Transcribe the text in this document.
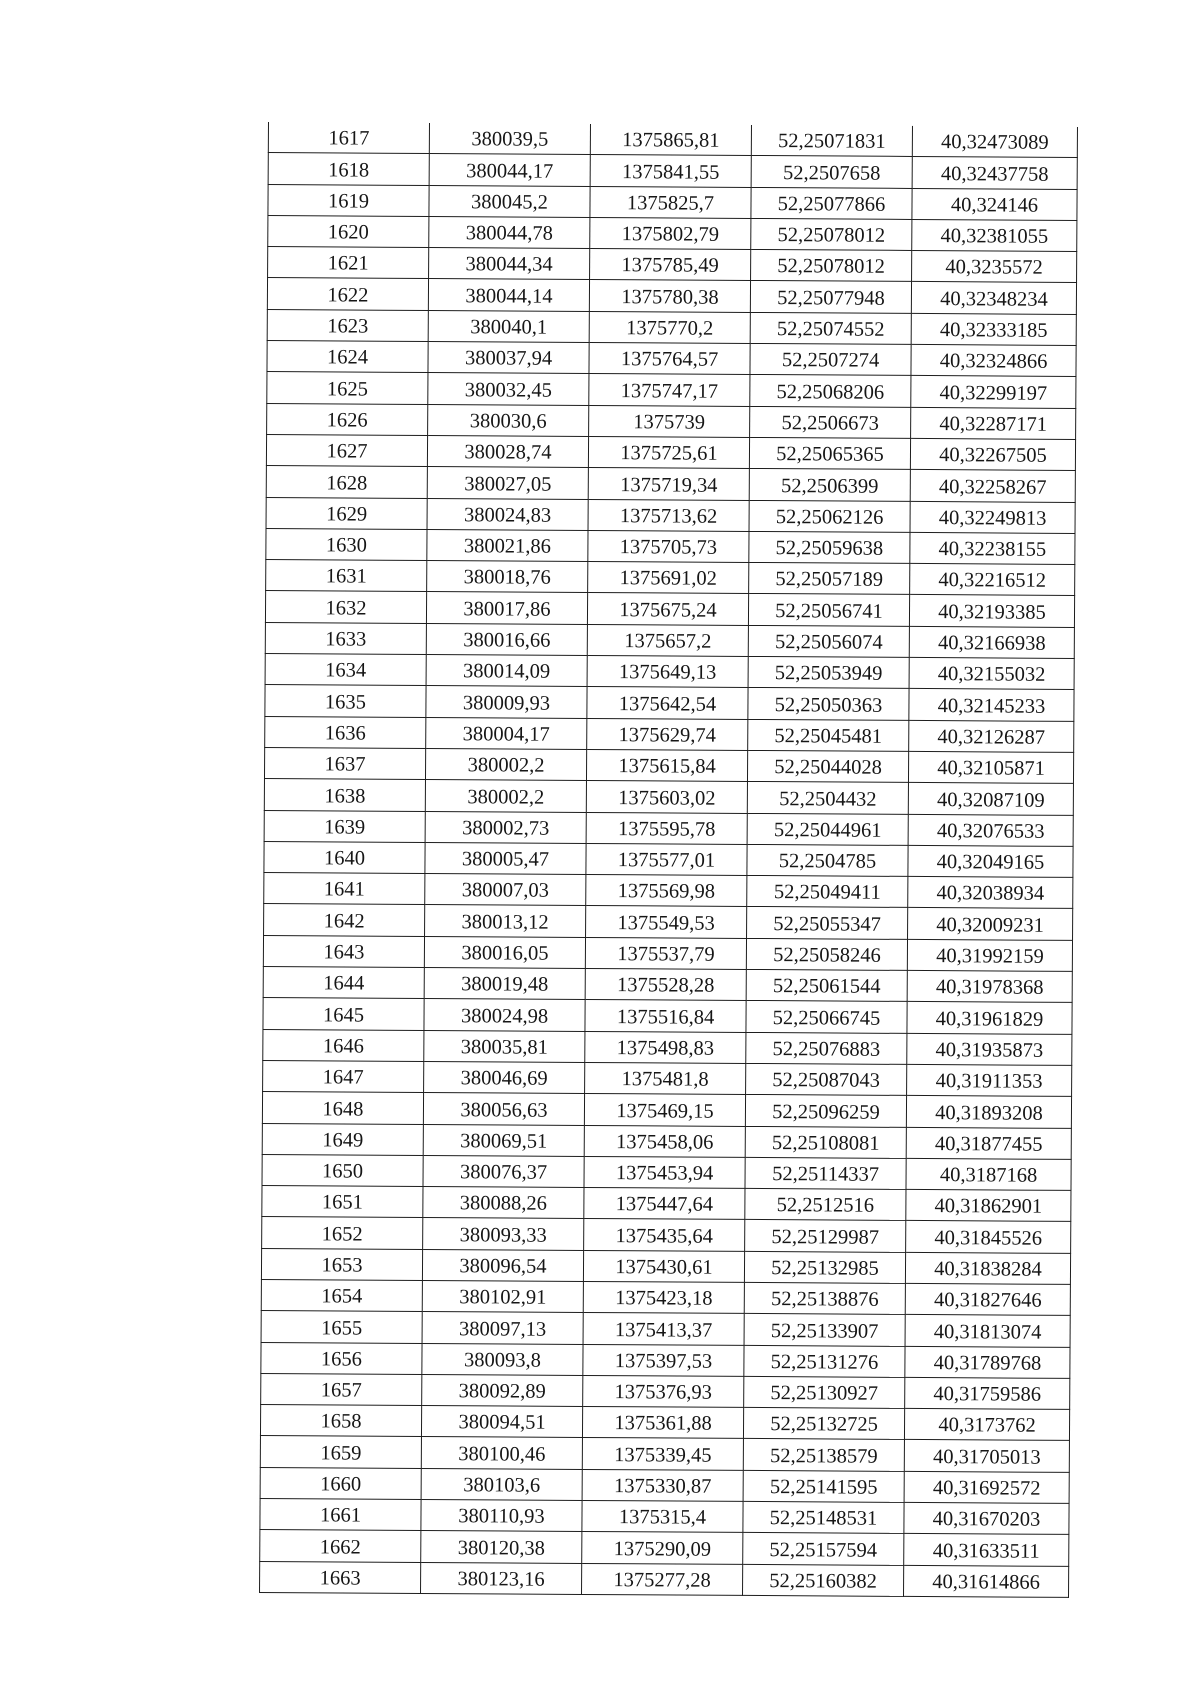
1617	380039,5	1375865,81	52,25071831	40,32473089
1618	380044,17	1375841,55	52,2507658	40,32437758
1619	380045,2	1375825,7	52,25077866	40,324146
1620	380044,78	1375802,79	52,25078012	40,32381055
1621	380044,34	1375785,49	52,25078012	40,3235572
1622	380044,14	1375780,38	52,25077948	40,32348234
1623	380040,1	1375770,2	52,25074552	40,32333185
1624	380037,94	1375764,57	52,2507274	40,32324866
1625	380032,45	1375747,17	52,25068206	40,32299197
1626	380030,6	1375739	52,2506673	40,32287171
1627	380028,74	1375725,61	52,25065365	40,32267505
1628	380027,05	1375719,34	52,2506399	40,32258267
1629	380024,83	1375713,62	52,25062126	40,32249813
1630	380021,86	1375705,73	52,25059638	40,32238155
1631	380018,76	1375691,02	52,25057189	40,32216512
1632	380017,86	1375675,24	52,25056741	40,32193385
1633	380016,66	1375657,2	52,25056074	40,32166938
1634	380014,09	1375649,13	52,25053949	40,32155032
1635	380009,93	1375642,54	52,25050363	40,32145233
1636	380004,17	1375629,74	52,25045481	40,32126287
1637	380002,2	1375615,84	52,25044028	40,32105871
1638	380002,2	1375603,02	52,2504432	40,32087109
1639	380002,73	1375595,78	52,25044961	40,32076533
1640	380005,47	1375577,01	52,2504785	40,32049165
1641	380007,03	1375569,98	52,25049411	40,32038934
1642	380013,12	1375549,53	52,25055347	40,32009231
1643	380016,05	1375537,79	52,25058246	40,31992159
1644	380019,48	1375528,28	52,25061544	40,31978368
1645	380024,98	1375516,84	52,25066745	40,31961829
1646	380035,81	1375498,83	52,25076883	40,31935873
1647	380046,69	1375481,8	52,25087043	40,31911353
1648	380056,63	1375469,15	52,25096259	40,31893208
1649	380069,51	1375458,06	52,25108081	40,31877455
1650	380076,37	1375453,94	52,25114337	40,3187168
1651	380088,26	1375447,64	52,2512516	40,31862901
1652	380093,33	1375435,64	52,25129987	40,31845526
1653	380096,54	1375430,61	52,25132985	40,31838284
1654	380102,91	1375423,18	52,25138876	40,31827646
1655	380097,13	1375413,37	52,25133907	40,31813074
1656	380093,8	1375397,53	52,25131276	40,31789768
1657	380092,89	1375376,93	52,25130927	40,31759586
1658	380094,51	1375361,88	52,25132725	40,3173762
1659	380100,46	1375339,45	52,25138579	40,31705013
1660	380103,6	1375330,87	52,25141595	40,31692572
1661	380110,93	1375315,4	52,25148531	40,31670203
1662	380120,38	1375290,09	52,25157594	40,31633511
1663	380123,16	1375277,28	52,25160382	40,31614866
